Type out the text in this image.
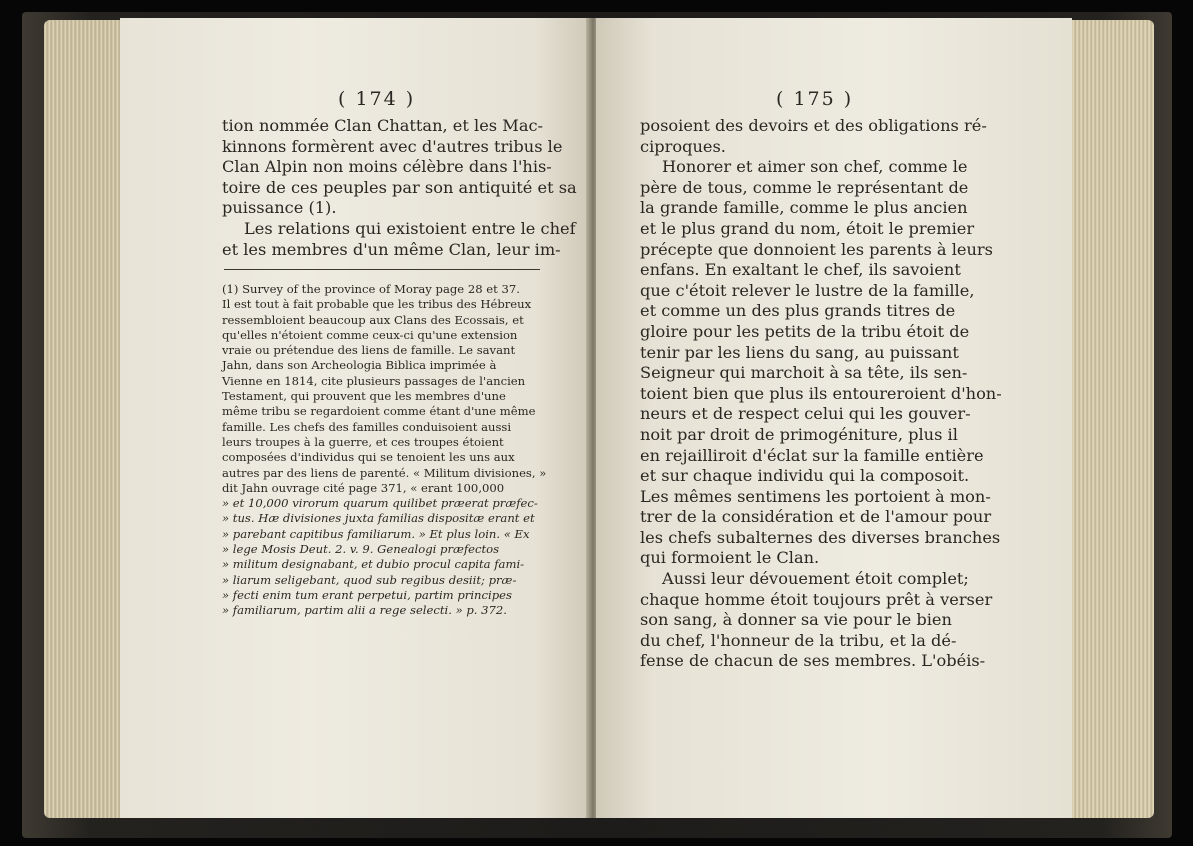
( 174 )
tion nommée Clan Chattan, et les Mac-
kinnons formèrent avec d'autres tribus le
Clan Alpin non moins célèbre dans l'his-
toire de ces peuples par son antiquité et sa
puissance (1).
Les relations qui existoient entre le chef
et les membres d'un même Clan, leur im-
(1) Survey of the province of Moray page 28 et 37.
Il est tout à fait probable que les tribus des Hébreux
ressembloient beaucoup aux Clans des Ecossais, et
qu'elles n'étoient comme ceux-ci qu'une extension
vraie ou prétendue des liens de famille. Le savant
Jahn, dans son Archeologia Biblica imprimée à
Vienne en 1814, cite plusieurs passages de l'ancien
Testament, qui prouvent que les membres d'une
même tribu se regardoient comme étant d'une même
famille. Les chefs des familles conduisoient aussi
leurs troupes à la guerre, et ces troupes étoient
composées d'individus qui se tenoient les uns aux
autres par des liens de parenté. « Militum divisiones, »
dit Jahn ouvrage cité page 371, « erant 100,000
» et 10,000 virorum quarum quilibet præerat præfec-
» tus. Hæ divisiones juxta familias dispositæ erant et
» parebant capitibus familiarum. » Et plus loin. « Ex
» lege Mosis Deut. 2. v. 9. Genealogi præfectos
» militum designabant, et dubio procul capita fami-
» liarum seligebant, quod sub regibus desiit; præ-
» fecti enim tum erant perpetui, partim principes
» familiarum, partim alii a rege selecti. » p. 372.
( 175 )
posoient des devoirs et des obligations ré-
ciproques.
Honorer et aimer son chef, comme le
père de tous, comme le représentant de
la grande famille, comme le plus ancien
et le plus grand du nom, étoit le premier
précepte que donnoient les parents à leurs
enfans. En exaltant le chef, ils savoient
que c'étoit relever le lustre de la famille,
et comme un des plus grands titres de
gloire pour les petits de la tribu étoit de
tenir par les liens du sang, au puissant
Seigneur qui marchoit à sa tête, ils sen-
toient bien que plus ils entoureroient d'hon-
neurs et de respect celui qui les gouver-
noit par droit de primogéniture, plus il
en rejailliroit d'éclat sur la famille entière
et sur chaque individu qui la composoit.
Les mêmes sentimens les portoient à mon-
trer de la considération et de l'amour pour
les chefs subalternes des diverses branches
qui formoient le Clan.
Aussi leur dévouement étoit complet;
chaque homme étoit toujours prêt à verser
son sang, à donner sa vie pour le bien
du chef, l'honneur de la tribu, et la dé-
fense de chacun de ses membres. L'obéis-
